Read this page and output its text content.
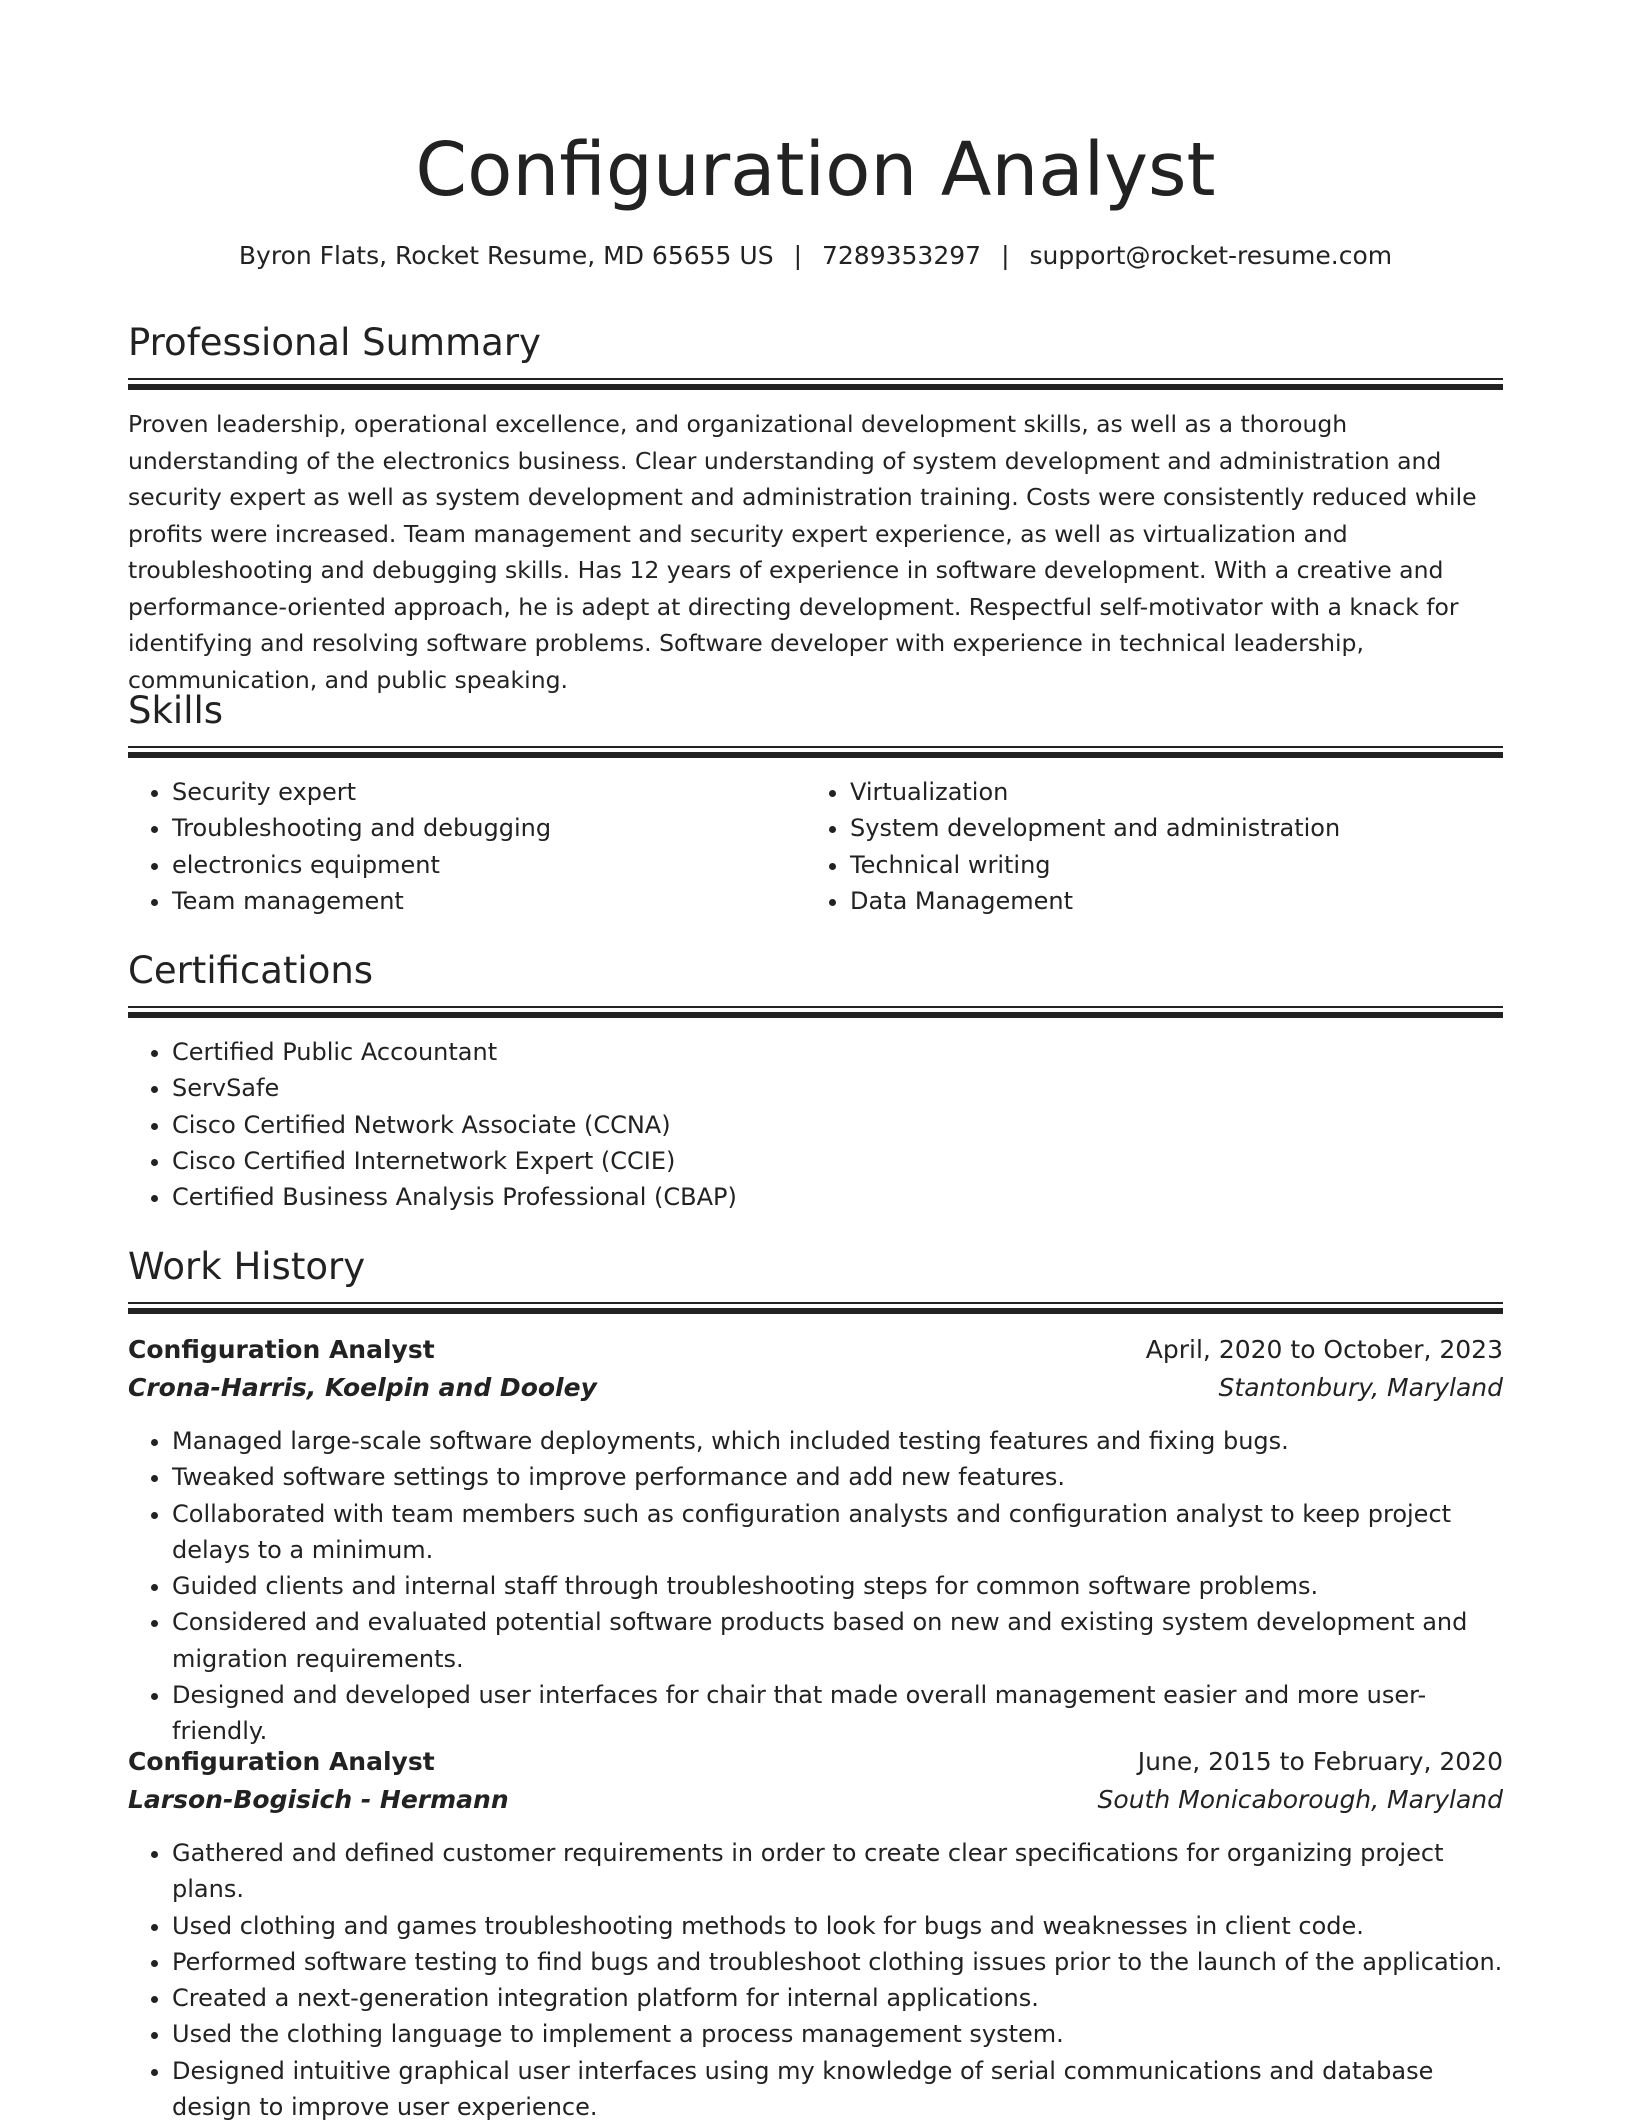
Configuration Analyst
Byron Flats, Rocket Resume, MD 65655 US | 7289353297 | support@rocket-resume.com
Professional Summary

Proven leadership, operational excellence, and organizational development skills, as well as a thorough understanding of the electronics business. Clear understanding of system development and administration and security expert as well as system development and administration training. Costs were consistently reduced while profits were increased. Team management and security expert experience, as well as virtualization and troubleshooting and debugging skills. Has 12 years of experience in software development. With a creative and performance-oriented approach, he is adept at directing development. Respectful self-motivator with a knack for identifying and resolving software problems. Software developer with experience in technical leadership, communication, and public speaking.

Skills
• Security expert
• Troubleshooting and debugging
• electronics equipment
• Team management
• Virtualization
• System development and administration
• Technical writing
• Data Management
Certifications
• Certified Public Accountant
• ServSafe
• Cisco Certified Network Associate (CCNA)
• Cisco Certified Internetwork Expert (CCIE)
• Certified Business Analysis Professional (CBAP)
Work History
Configuration Analyst	April, 2020 to October, 2023
Crona-Harris, Koelpin and Dooley	Stantonbury, Maryland
• Managed large-scale software deployments, which included testing features and fixing bugs.
• Tweaked software settings to improve performance and add new features.
• Collaborated with team members such as configuration analysts and configuration analyst to keep project delays to a minimum.
• Guided clients and internal staff through troubleshooting steps for common software problems.
• Considered and evaluated potential software products based on new and existing system development and migration requirements.
• Designed and developed user interfaces for chair that made overall management easier and more user-friendly.
Configuration Analyst	June, 2015 to February, 2020
Larson-Bogisich - Hermann	South Monicaborough, Maryland
• Gathered and defined customer requirements in order to create clear specifications for organizing project plans.
• Used clothing and games troubleshooting methods to look for bugs and weaknesses in client code.
• Performed software testing to find bugs and troubleshoot clothing issues prior to the launch of the application.
• Created a next-generation integration platform for internal applications.
• Used the clothing language to implement a process management system.
• Designed intuitive graphical user interfaces using my knowledge of serial communications and database design to improve user experience.
